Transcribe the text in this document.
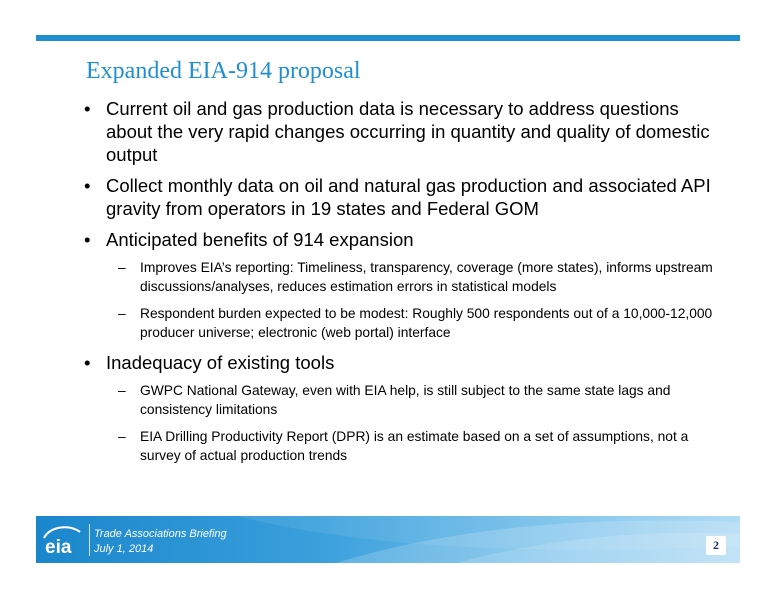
Expanded EIA-914 proposal
• Current oil and gas production data is necessary to address questions about the very rapid changes occurring in quantity and quality of domestic output
• Collect monthly data on oil and natural gas production and associated API gravity from operators in 19 states and Federal GOM
• Anticipated benefits of 914 expansion
– Improves EIA’s reporting: Timeliness, transparency, coverage (more states), informs upstream discussions/analyses, reduces estimation errors in statistical models
– Respondent burden expected to be modest: Roughly 500 respondents out of a 10,000-12,000 producer universe; electronic (web portal) interface
• Inadequacy of existing tools
– GWPC National Gateway, even with EIA help, is still subject to the same state lags and consistency limitations
– EIA Drilling Productivity Report (DPR) is an estimate based on a set of assumptions, not a survey of actual production trends
eia
Trade Associations Briefing
July 1, 2014	2
